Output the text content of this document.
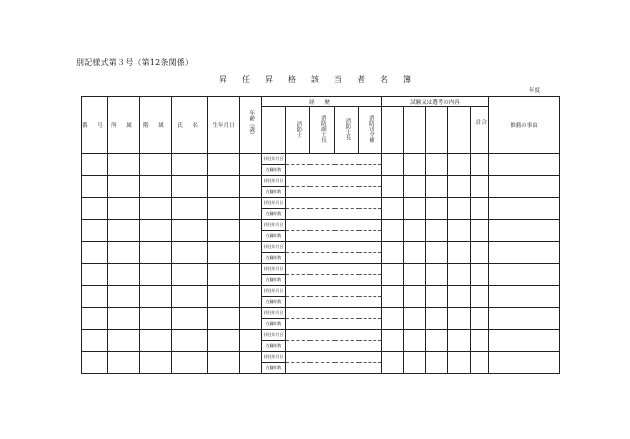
別記様式第３号（第12条関係）
昇 任 昇 格 該 当 者 名 簿
年度
番 号	所 属	階 級	氏 名	生年月日	年齢（歳）	経 歴					試験又は選考の内容					推薦の事由
							消防士	消防副士長	消防士長	消防司令補					合 計	
						拝任年月日										
						在職年数										
						拝任年月日										
						在職年数										
						拝任年月日										
						在職年数										
						拝任年月日										
						在職年数										
						拝任年月日										
						在職年数										
						拝任年月日										
						在職年数										
						拝任年月日										
						在職年数										
						拝任年月日										
						在職年数										
						拝任年月日										
						在職年数										
						拝任年月日										
						在職年数										
